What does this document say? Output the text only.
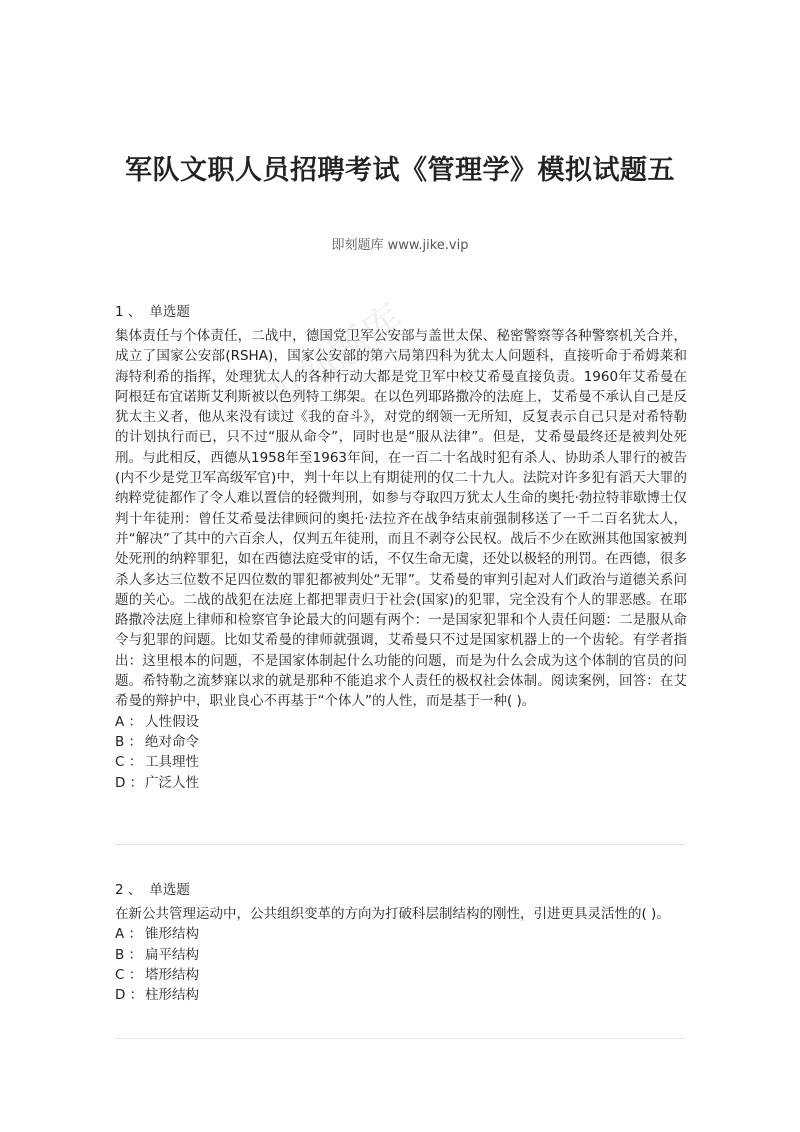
军队文职人员招聘考试《管理学》模拟试题五
即刻题库 www.jike.vip
即刻题库
1 、 单选题

集体责任与个体责任，二战中，德国党卫军公安部与盖世太保、秘密警察等各种警察机关合并，成立了国家公安部(RSHA)，国家公安部的第六局第四科为犹太人问题科，直接听命于希姆莱和海特利希的指挥，处理犹太人的各种行动大都是党卫军中校艾希曼直接负责。1960年艾希曼在阿根廷布宜诺斯艾利斯被以色列特工绑架。在以色列耶路撒冷的法庭上，艾希曼不承认自己是反犹太主义者，他从来没有读过《我的奋斗》，对党的纲领一无所知，反复表示自己只是对希特勒的计划执行而已，只不过“服从命令”，同时也是“服从法律”。但是，艾希曼最终还是被判处死刑。与此相反，西德从1958年至1963年间，在一百二十名战时犯有杀人、协助杀人罪行的被告(内不少是党卫军高级军官)中，判十年以上有期徒刑的仅二十九人。法院对许多犯有滔天大罪的纳粹党徒都作了令人难以置信的轻微判刑，如参与夺取四万犹太人生命的奥托·勃拉特菲歇博士仅判十年徒刑：曾任艾希曼法律顾问的奥托·法拉齐在战争结束前强制移送了一千二百名犹太人，并“解决”了其中的六百余人，仅判五年徒刑，而且不剥夺公民权。战后不少在欧洲其他国家被判处死刑的纳粹罪犯，如在西德法庭受审的话，不仅生命无虞，还处以极轻的刑罚。在西德，很多杀人多达三位数不足四位数的罪犯都被判处“无罪”。艾希曼的审判引起对人们政治与道德关系问题的关心。二战的战犯在法庭上都把罪责归于社会(国家)的犯罪，完全没有个人的罪恶感。在耶路撒冷法庭上律师和检察官争论最大的问题有两个：一是国家犯罪和个人责任问题：二是服从命令与犯罪的问题。比如艾希曼的律师就强调，艾希曼只不过是国家机器上的一个齿轮。有学者指出：这里根本的问题，不是国家体制起什么功能的问题，而是为什么会成为这个体制的官员的问题。希特勒之流梦寐以求的就是那种不能追求个人责任的极权社会体制。阅读案例，回答：在艾希曼的辩护中，职业良心不再基于“个体人”的人性，而是基于一种( )。

A ： 人性假设
B ： 绝对命令
C ： 工具理性
D ： 广泛人性
2 、 单选题

在新公共管理运动中，公共组织变革的方向为打破科层制结构的刚性，引进更具灵活性的( )。

A ： 锥形结构
B ： 扁平结构
C ： 塔形结构
D ： 柱形结构
